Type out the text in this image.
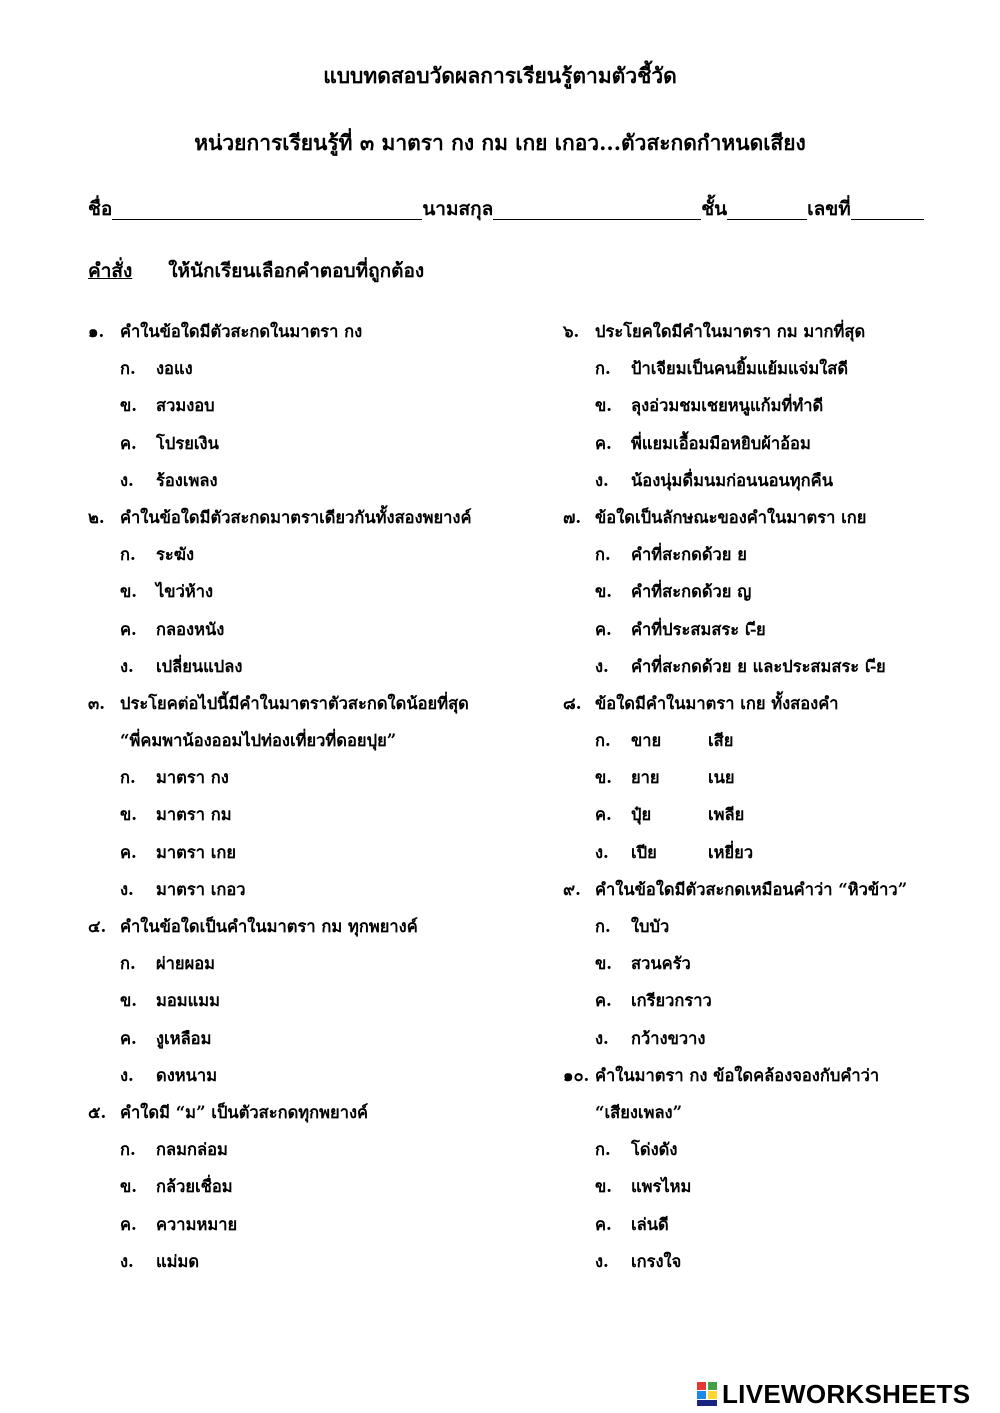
แบบทดสอบวัดผลการเรียนรู้ตามตัวชี้วัด
หน่วยการเรียนรู้ที่ ๓ มาตรา กง กม เกย เกอว...ตัวสะกดกำหนดเสียง
ชื่อ	นามสกุล	ชั้น	เลขที่
คำสั่ง ให้นักเรียนเลือกคำตอบที่ถูกต้อง
๑. คำในข้อใดมีตัวสะกดในมาตรา กง
ก. งอแง
ข. สวมงอบ
ค. โปรยเงิน
ง. ร้องเพลง
๒. คำในข้อใดมีตัวสะกดมาตราเดียวกันทั้งสองพยางค์
ก. ระฆัง
ข. ไขว่ห้าง
ค. กลองหนัง
ง. เปลี่ยนแปลง
๓. ประโยคต่อไปนี้มีคำในมาตราตัวสะกดใดน้อยที่สุด
“พี่คมพาน้องออมไปท่องเที่ยวที่ดอยปุย”
ก. มาตรา กง
ข. มาตรา กม
ค. มาตรา เกย
ง. มาตรา เกอว
๔. คำในข้อใดเป็นคำในมาตรา กม ทุกพยางค์
ก. ผ่ายผอม
ข. มอมแมม
ค. งูเหลือม
ง. ดงหนาม
๕. คำใดมี “ม” เป็นตัวสะกดทุกพยางค์
ก. กลมกล่อม
ข. กล้วยเชื่อม
ค. ความหมาย
ง. แม่มด
๖. ประโยคใดมีคำในมาตรา กม มากที่สุด
ก. ป้าเจียมเป็นคนยิ้มแย้มแจ่มใสดี
ข. ลุงอ่วมชมเชยหนูแก้มที่ทำดี
ค. พี่แยมเอื้อมมือหยิบผ้าอ้อม
ง. น้องนุ่มดื่มนมก่อนนอนทุกคืน
๗. ข้อใดเป็นลักษณะของคำในมาตรา เกย
ก. คำที่สะกดด้วย ย
ข. คำที่สะกดด้วย ญ
ค. คำที่ประสมสระ เ-ีย
ง. คำที่สะกดด้วย ย และประสมสระ เ-ีย
๘. ข้อใดมีคำในมาตรา เกย ทั้งสองคำ
ก. ขาย	เสีย
ข. ยาย	เนย
ค. ปุ๋ย	เพลีย
ง. เปีย	เหยี่ยว
๙. คำในข้อใดมีตัวสะกดเหมือนคำว่า “หิวข้าว”
ก. ใบบัว
ข. สวนครัว
ค. เกรียวกราว
ง. กว้างขวาง
๑๐. คำในมาตรา กง ข้อใดคล้องจองกับคำว่า
“เสียงเพลง”
ก. โด่งดัง
ข. แพรไหม
ค. เล่นดี
ง. เกรงใจ
LIVEWORKSHEETS
